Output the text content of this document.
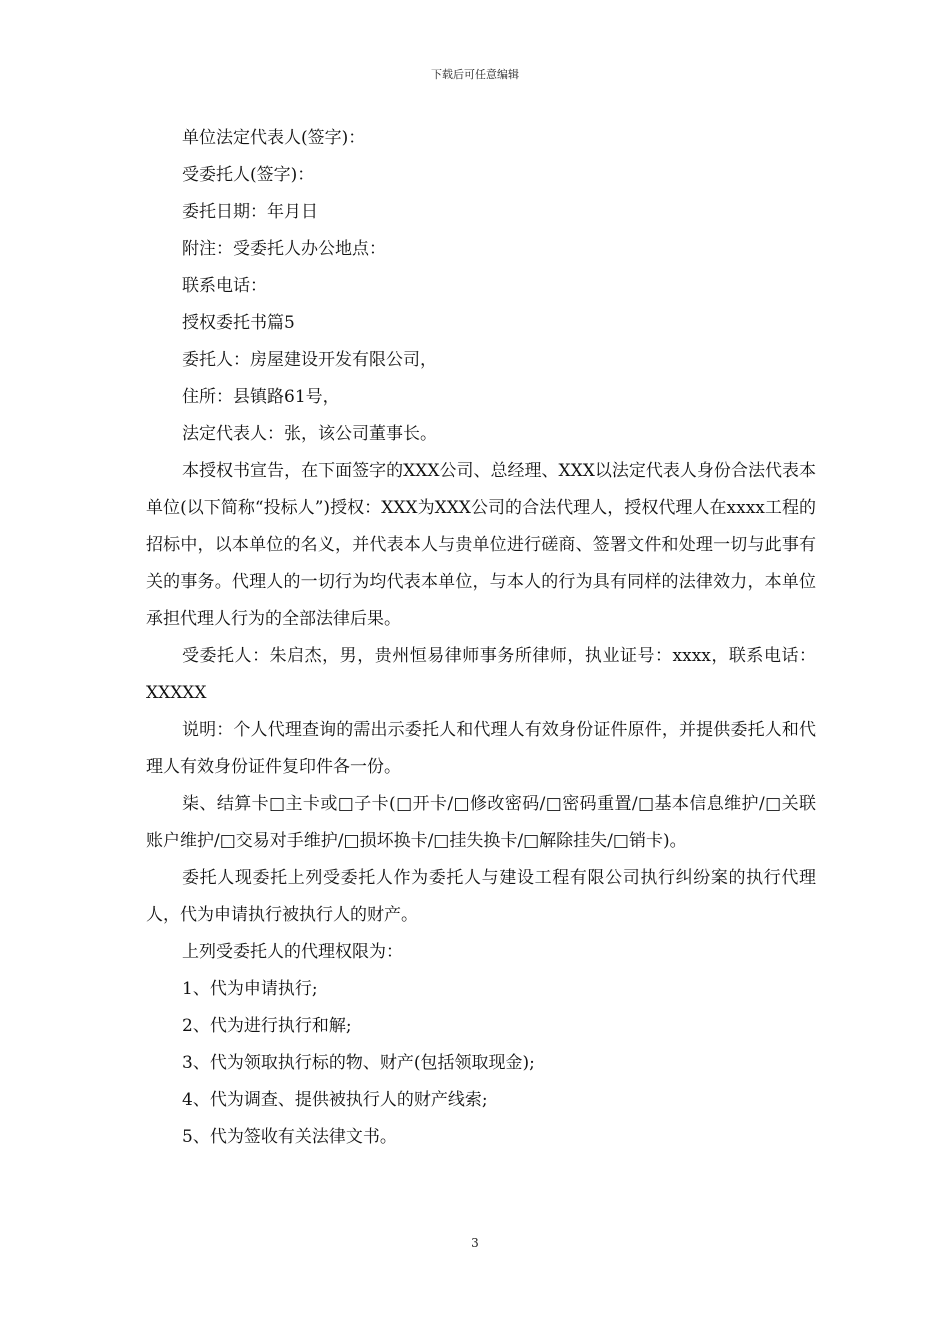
下载后可任意编辑

单位法定代表人(签字)：

受委托人(签字)：

委托日期：年月日

附注：受委托人办公地点：

联系电话：

授权委托书篇5

委托人：房屋建设开发有限公司，

住所：县镇路61号，

法定代表人：张，该公司董事长。

本授权书宣告，在下面签字的XXX公司、总经理、XXX以法定代表人身份合法代表本单位(以下简称“投标人”)授权：XXX为XXX公司的合法代理人，授权代理人在xxxx工程的招标中，以本单位的名义，并代表本人与贵单位进行磋商、签署文件和处理一切与此事有关的事务。代理人的一切行为均代表本单位，与本人的行为具有同样的法律效力，本单位承担代理人行为的全部法律后果。

受委托人：朱启杰，男，贵州恒易律师事务所律师，执业证号：xxxx，联系电话：XXXXX

说明：个人代理查询的需出示委托人和代理人有效身份证件原件，并提供委托人和代理人有效身份证件复印件各一份。

柒、结算卡□主卡或□子卡(□开卡/□修改密码/□密码重置/□基本信息维护/□关联账户维护/□交易对手维护/□损坏换卡/□挂失换卡/□解除挂失/□销卡)。

委托人现委托上列受委托人作为委托人与建设工程有限公司执行纠纷案的执行代理人，代为申请执行被执行人的财产。

上列受委托人的代理权限为：

1、代为申请执行;

2、代为进行执行和解;

3、代为领取执行标的物、财产(包括领取现金);

4、代为调查、提供被执行人的财产线索;

5、代为签收有关法律文书。

3
